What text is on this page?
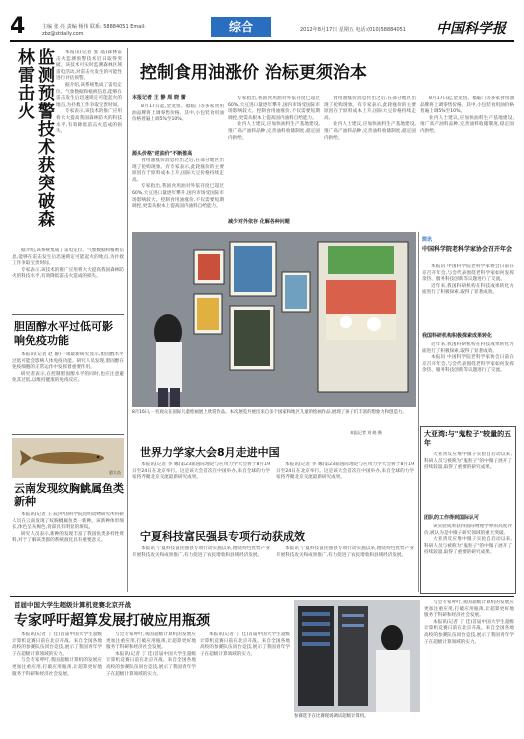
4	主编 张 亮 责编 杨伟 联系: 58884051 Email: zbz@stdaily.com	综合	2012年8月17日 星期五 电话:(010)58884051 中国科学报
监测预警技术获突破森林雷击火	本报讯(记者 张 晶)森林雷击火监测预警技术近日取得突破。该技术可实时监测森林区域雷电活动,对雷击火发生的可能性进行评估预警。

据介绍,该系统集成了雷电定位、气象数据和植被信息,能够在雷击发生后迅速锁定可能起火的地点,为扑救工作争取宝贵时间。

专家表示,该技术的推广应用将大大提高我国森林防火的科技水平,有效降低雷击火造成的损失。

据介绍,该系统集成了雷电定位、气象数据和植被信息,能够在雷击发生后迅速锁定可能起火的地点,为扑救工作争取宝贵时间。

专家表示,该技术的推广应用将大大提高我国森林防火的科技水平,有效降低雷击火造成的损失。

胆固醇水平过低可影响免疫功能

本报讯(记者 赵 静)一项最新研究显示,胆固醇水平过低可能会影响人体免疫功能。研究人员发现,胆固醇在免疫细胞的正常运作中发挥着重要作用。

研究者表示,在控制胆固醇水平的同时,也应注意避免其过低,以维持健康的免疫反应。

腊太鱼
云南发现纹胸鮡属鱼类新种

本报讯(记者 王 辰)中国科学院昆明动物研究所科研人员在云南发现了纹胸鮡属鱼类一新种。该新种体形细长,体色呈灰褐色,背部具有明显的斑纹。

研究人员表示,新种的发现丰富了我国鱼类多样性资料,对于了解该类群的系统演化具有重要意义。

控制食用油涨价 治标更须治本
本报记者 王 静 周 晓 蕾

8月17日起,金龙鱼、福临门等多家食用油品牌将上调零售价格。其中,小包装食用油价格普遍上调5%至10%。

源头价格"逆油价"不断推高

食用油涨价消息传出之后,在部分地区出现了抢购现象。有专家表示,此轮涨价的主要原因在于原料成本上升,国际大豆价格持续走高。

专家指出,我国食用油对外依存度已超过60%,大豆进口量逐年攀升,国内市场受国际市场影响较大。控制食用油涨价,不仅需要短期调控,更需从根本上提高国内油料自给能力。

专家指出,我国食用油对外依存度已超过60%,大豆进口量逐年攀升,国内市场受国际市场影响较大。控制食用油涨价,不仅需要短期调控,更需从根本上提高国内油料自给能力。

业内人士建议,应加快油料生产基地建设,推广高产油料品种,完善油料收储制度,稳定国内供给。

减少对外依存 化解各种问题

食用油涨价消息传出之后,在部分地区出现了抢购现象。有专家表示,此轮涨价的主要原因在于原料成本上升,国际大豆价格持续走高。

业内人士建议,应加快油料生产基地建设,推广高产油料品种,完善油料收储制度,稳定国内供给。

8月17日起,金龙鱼、福临门等多家食用油品牌将上调零售价格。其中,小包装食用油价格普遍上调5%至10%。

业内人士建议,应加快油料生产基地建设,推广高产油料品种,完善油料收储制度,稳定国内供给。

8月16日,一名观众在国际儿童绘画展上欣赏作品。本次展览共展出来自多个国家和地区儿童的绘画作品,展现了孩子们丰富的想象力和创造力。
本报记者 刘 晓 摄
简讯
中国科学院老科学家协会召开年会

本报讯 中国科学院老科学家协会日前在京召开年会,与会代表围绕老科学家如何发挥余热、服务科技创新等议题进行了交流。

近年来,我国科研机构在科技成果转化方面进行了积极探索,取得了显著成效。

我国科研机构积极探索成果转化

近年来,我国科研机构在科技成果转化方面进行了积极探索,取得了显著成效。

本报讯 中国科学院老科学家协会日前在京召开年会,与会代表围绕老科学家如何发挥余热、服务科技创新等议题进行了交流。

大亚湾:与"鬼粒子"较量的五年

大亚湾反应堆中微子实验自启动以来,科研人员与被称为"鬼粒子"的中微子展开了持续较量,取得了重要的研究成果。

团队的工作得到国际认可

该实验成果获得国际物理学界的高度评价,被认为是中微子研究领域的重大突破。

大亚湾反应堆中微子实验自启动以来,科研人员与被称为"鬼粒子"的中微子展开了持续较量,取得了重要的研究成果。

世界力学家大会8月走进中国

本报讯(记者 李 娜)第23届国际理论与应用力学大会将于8月19日至24日在北京举行。这是该大会首次在中国举办,来自全球的力学家将齐聚北京交流最新研究成果。

本报讯(记者 李 娜)第23届国际理论与应用力学大会将于8月19日至24日在北京举行。这是该大会首次在中国举办,来自全球的力学家将齐聚北京交流最新研究成果。

宁夏科技富民强县专项行动获成效

本报讯 宁夏科技富民强县专项行动实施以来,围绕特色优势产业开展科技攻关和成果推广,有力促进了农民增收和县域经济发展。

本报讯 宁夏科技富民强县专项行动实施以来,围绕特色优势产业开展科技攻关和成果推广,有力促进了农民增收和县域经济发展。

首届中国大学生超级计算机竞赛北京开战
专家呼吁超算发展打破应用瓶颈

本报讯(记者 丁 佳)首届中国大学生超级计算机竞赛日前在北京开战。来自全国各地高校的参赛队伍同台竞技,展示了我国青年学子在超级计算领域的实力。

与会专家呼吁,我国超级计算机的发展应更加注重应用,打破应用瓶颈,让超算更好地服务于科研和经济社会发展。

与会专家呼吁,我国超级计算机的发展应更加注重应用,打破应用瓶颈,让超算更好地服务于科研和经济社会发展。

本报讯(记者 丁 佳)首届中国大学生超级计算机竞赛日前在北京开战。来自全国各地高校的参赛队伍同台竞技,展示了我国青年学子在超级计算领域的实力。

本报讯(记者 丁 佳)首届中国大学生超级计算机竞赛日前在北京开战。来自全国各地高校的参赛队伍同台竞技,展示了我国青年学子在超级计算领域的实力。

参赛选手在比赛现场调试超级计算机。

与会专家呼吁,我国超级计算机的发展应更加注重应用,打破应用瓶颈,让超算更好地服务于科研和经济社会发展。

本报讯(记者 丁 佳)首届中国大学生超级计算机竞赛日前在北京开战。来自全国各地高校的参赛队伍同台竞技,展示了我国青年学子在超级计算领域的实力。
